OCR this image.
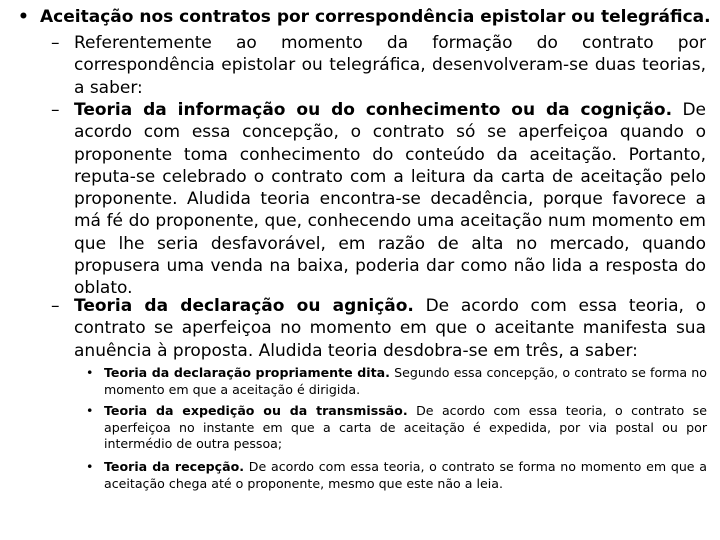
• Aceitação nos contratos por correspondência epistolar ou telegráfica.
– Referentemente ao momento da formação do contrato por correspondência epistolar ou telegráfica, desenvolveram-se duas teorias, a saber:
– Teoria da informação ou do conhecimento ou da cognição. De acordo com essa concepção, o contrato só se aperfeiçoa quando o proponente toma conhecimento do conteúdo da aceitação. Portanto, reputa-se celebrado o contrato com a leitura da carta de aceitação pelo proponente. Aludida teoria encontra-se decadência, porque favorece a má fé do proponente, que, conhecendo uma aceitação num momento em que lhe seria desfavorável, em razão de alta no mercado, quando propusera uma venda na baixa, poderia dar como não lida a resposta do oblato.
– Teoria da declaração ou agnição. De acordo com essa teoria, o contrato se aperfeiçoa no momento em que o aceitante manifesta sua anuência à proposta. Aludida teoria desdobra-se em três, a saber:
• Teoria da declaração propriamente dita. Segundo essa concepção, o contrato se forma no momento em que a aceitação é dirigida.
• Teoria da expedição ou da transmissão. De acordo com essa teoria, o contrato se aperfeiçoa no instante em que a carta de aceitação é expedida, por via postal ou por intermédio de outra pessoa;
• Teoria da recepção. De acordo com essa teoria, o contrato se forma no momento em que a aceitação chega até o proponente, mesmo que este não a leia.
